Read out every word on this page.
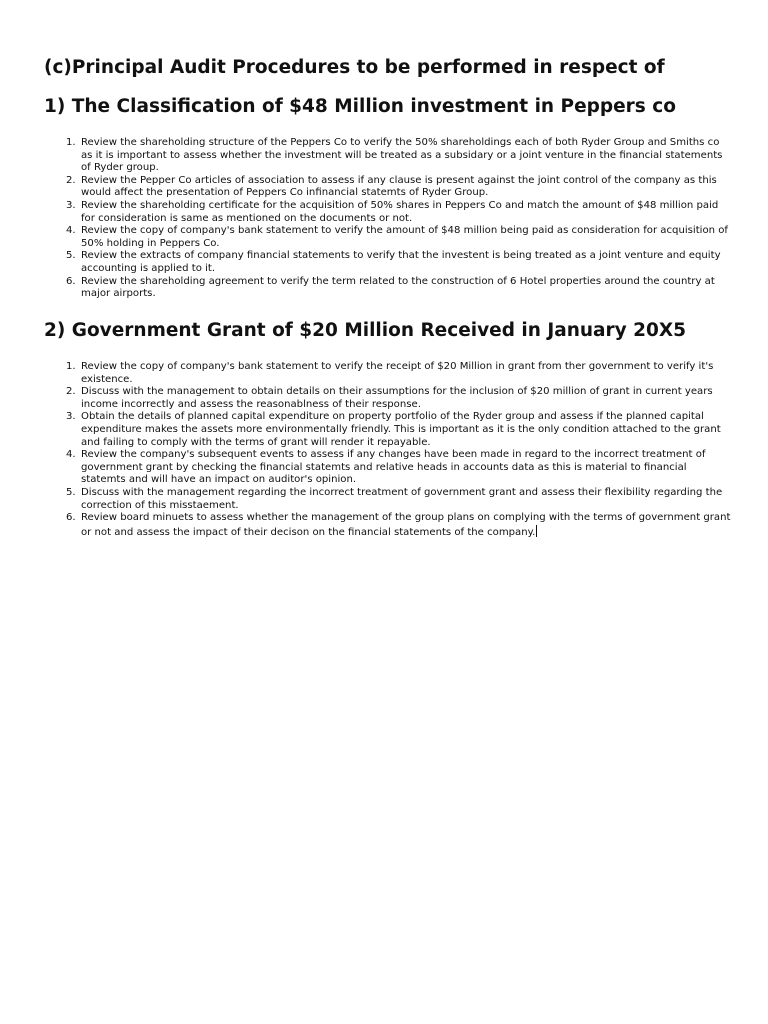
(c)Principal Audit Procedures to be performed in respect of
1) The Classification of $48 Million investment in Peppers co
1. Review the shareholding structure of the Peppers Co to verify the 50% shareholdings each of both Ryder Group and Smiths co as it is important to assess whether the investment will be treated as a subsidary or a joint venture in the financial statements of Ryder group.
2. Review the Pepper Co articles of association to assess if any clause is present against the joint control of the company as this would affect the presentation of Peppers Co infinancial statemts of Ryder Group.
3. Review the shareholding certificate for the acquisition of 50% shares in Peppers Co and match the amount of $48 million paid for consideration is same as mentioned on the documents or not.
4. Review the copy of company's bank statement to verify the amount of $48 million being paid as consideration for acquisition of 50% holding in Peppers Co.
5. Review the extracts of company financial statements to verify that the investent is being treated as a joint venture and equity accounting is applied to it.
6. Review the shareholding agreement to verify the term related to the construction of 6 Hotel properties around the country at major airports.
2) Government Grant of $20 Million Received in January 20X5
1. Review the copy of company's bank statement to verify the receipt of $20 Million in grant from ther government to verify it's existence.
2. Discuss with the management to obtain details on their assumptions for the inclusion of $20 million of grant in current years income incorrectly and assess the reasonablness of their response.
3. Obtain the details of planned capital expenditure on property portfolio of the Ryder group and assess if the planned capital expenditure makes the assets more environmentally friendly. This is important as it is the only condition attached to the grant and failing to comply with the terms of grant will render it repayable.
4. Review the company's subsequent events to assess if any changes have been made in regard to the incorrect treatment of government grant by checking the financial statemts and relative heads in accounts data as this is material to financial statemts and will have an impact on auditor's opinion.
5. Discuss with the management regarding the incorrect treatment of government grant and assess their flexibility regarding the correction of this misstaement.
6. Review board minuets to assess whether the management of the group plans on complying with the terms of government grant or not and assess the impact of their decison on the financial statements of the company.
